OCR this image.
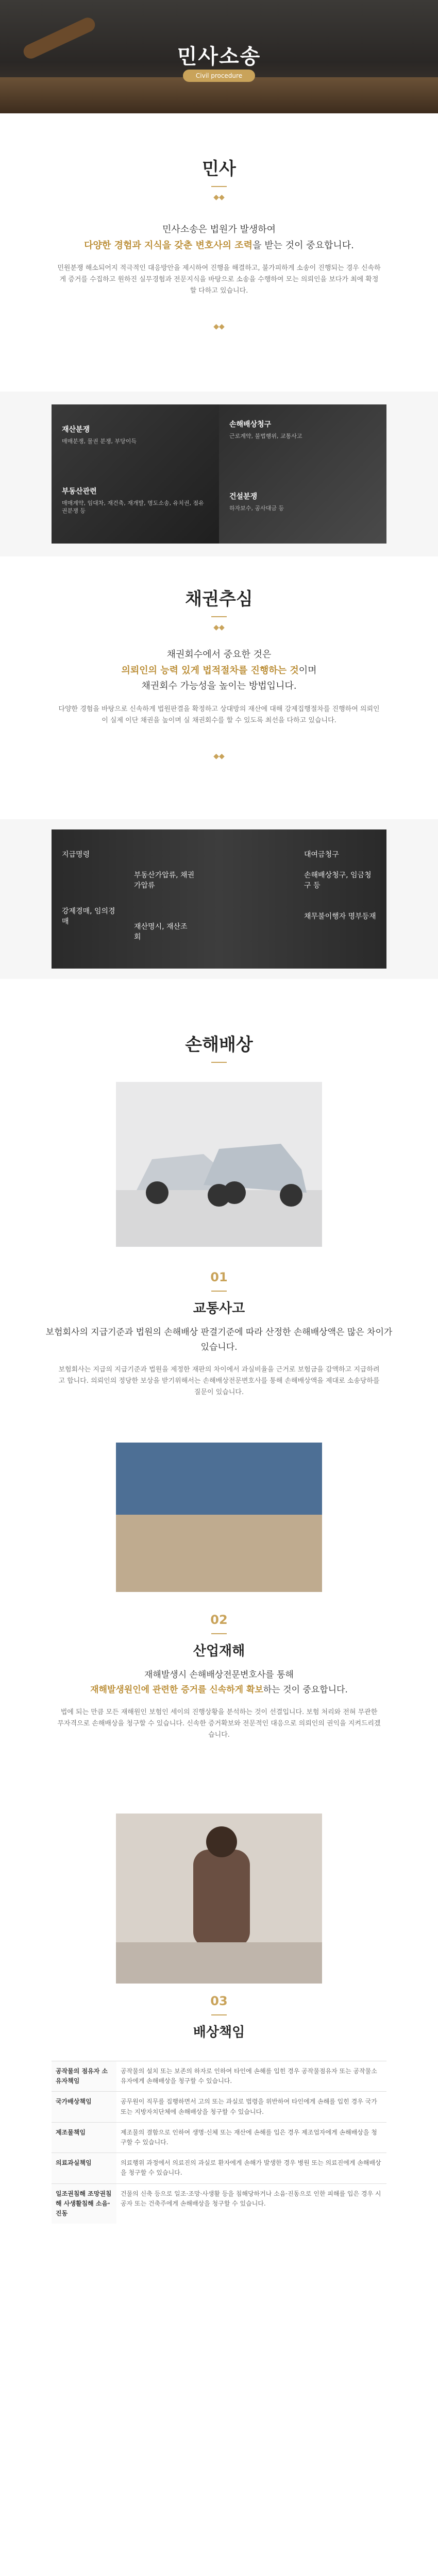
민사소송
Civil procedure
민사
◆◆
민사소송은 법원가 발생하여
다양한 경험과 지식을 갖춘 변호사의 조력을 받는 것이 중요합니다.
민원분쟁 해소되어지 적극적인 대응방안을 제시하여 진행을 해결하고, 불가피하게 소송이 진행되는 경우 신속하게 증거를 수집하고 원하진 실무경험과 전문지식을 바탕으로 소송을 수행하여 모는 의뢰인을 보다가 최에 확정할 다하고 있습니다.
◆◆
재산분쟁
매매분쟁, 물권 분쟁, 부당이득
손해배상청구
근로계약, 불법행위, 교통사고
부동산관련
매매계약, 임대차, 재건축, 재개발, 명도소송, 유치권, 점유권분쟁 등
건설분쟁
하자보수, 공사대금 등
채권추심
◆◆
채권회수에서 중요한 것은
의뢰인의 능력 있게 법적절차를 진행하는 것이며
채권회수 가능성을 높이는 방법입니다.
다양한 경험을 바탕으로 신속하게 법원판결을 확정하고 상대방의 재산에 대해 강제집행절차를 진행하여 의뢰인이 실제 이단 채권을 높이며 실 채권회수를 할 수 있도록 최선을 다하고 있습니다.
◆◆
지급명령	대여금청구
손해배상청구, 임금청구 등
부동산가압류, 채권가압류
강제경매, 임의경매
재산명시, 재산조회
채무불이행자 명부등재
손해배상
01
교통사고
보험회사의 지급기준과 법원의 손해배상 판결기준에 따라 산정한 손해배상액은 많은 차이가 있습니다.
보험회사는 지급의 지급기준과 법원을 제정한 재판의 차이에서 과실비율을 근거로 보험금을 감액하고 지급하려고 합니다. 의뢰인의 정당한 보상을 받기위해서는 손해배상전문변호사를 통해 손해배상액을 제대로 소송당하를 질문이 있습니다.
02
산업재해
재해발생시 손해배상전문변호사를 통해
재해발생원인에 관련한 증거를 신속하게 확보하는 것이 중요합니다.
법에 되는 만큼 모든 재해원인 보험인 세이의 진행상황을 분석하는 것이 선결입니다. 보험 처리와 전혀 무관한 무자격으로 손해배상을 청구할 수 있습니다. 신속한 증거확보와 전문적인 대응으로 의뢰인의 권익을 지켜드리겠습니다.
03
배상책임
공작물의 점유자 소유자책임	공작물의 설치 또는 보존의 하자로 인하여 타인에 손해를 입힌 경우 공작물점유자 또는 공작물소유자에게 손해배상을 청구할 수 있습니다.
국가배상책임	공무원이 직무를 집행하면서 고의 또는 과실로 법령을 위반하여 타인에게 손해를 입힌 경우 국가 또는 지방자치단체에 손해배상을 청구할 수 있습니다.
제조물책임	제조물의 결함으로 인하여 생명·신체 또는 재산에 손해를 입은 경우 제조업자에게 손해배상을 청구할 수 있습니다.
의료과실책임	의료행위 과정에서 의료진의 과실로 환자에게 손해가 발생한 경우 병원 또는 의료진에게 손해배상을 청구할 수 있습니다.
일조권침해 조망권침해 사생활침해 소음·진동	건물의 신축 등으로 일조·조망·사생활 등을 침해당하거나 소음·진동으로 인한 피해를 입은 경우 시공자 또는 건축주에게 손해배상을 청구할 수 있습니다.
